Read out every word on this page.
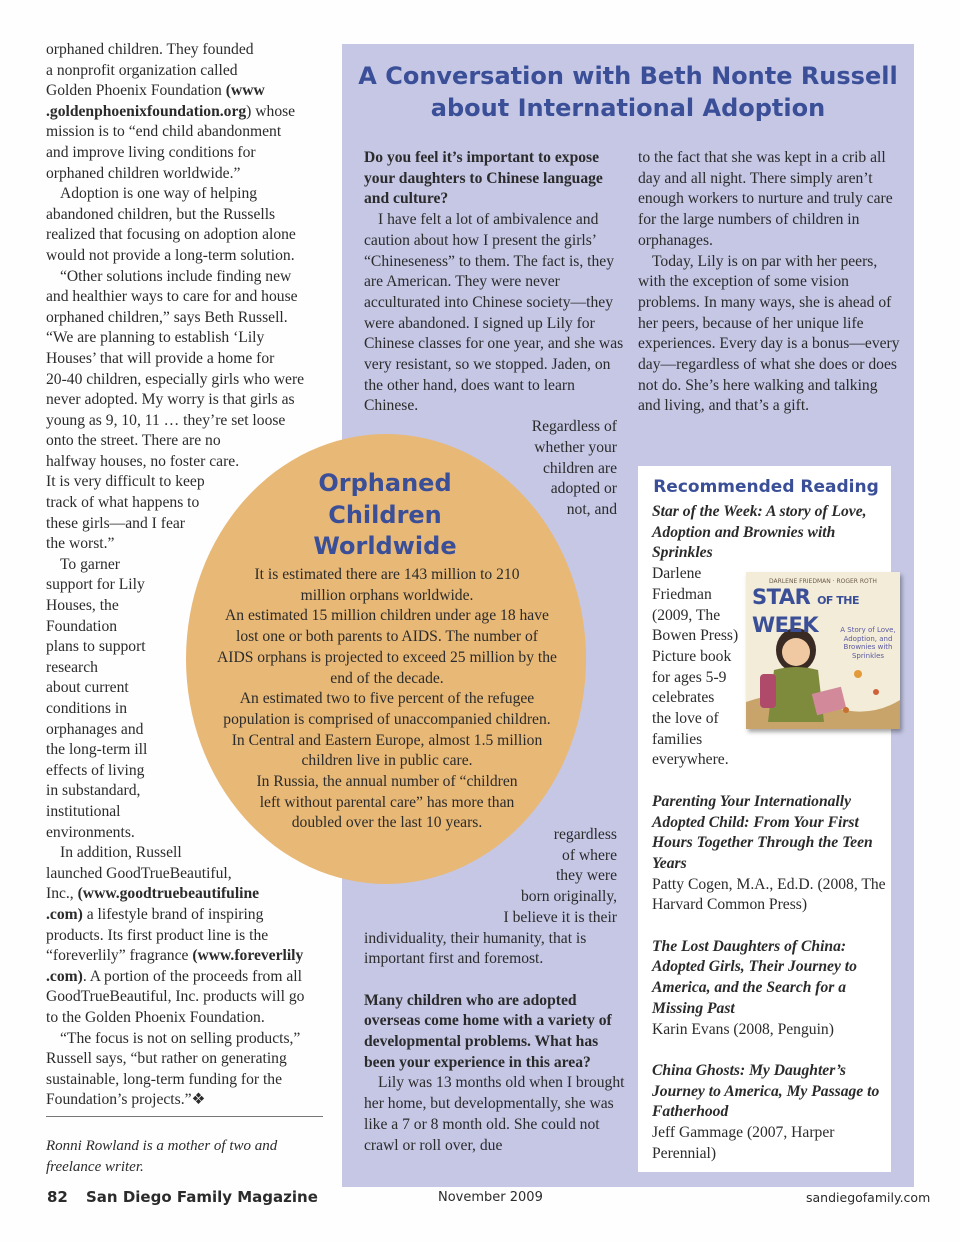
orphaned children. They founded
a nonprofit organization called
Golden Phoenix Foundation (www
.goldenphoenixfoundation.org) whose
mission is to “end child abandonment
and improve living conditions for
orphaned children worldwide.”
Adoption is one way of helping
abandoned children, but the Russells
realized that focusing on adoption alone
would not provide a long-term solution.
“Other solutions include finding new
and healthier ways to care for and house
orphaned children,” says Beth Russell.
“We are planning to establish ‘Lily
Houses’ that will provide a home for
20-40 children, especially girls who were
never adopted. My worry is that girls as
young as 9, 10, 11 … they’re set loose
onto the street. There are no
halfway houses, no foster care.
It is very difficult to keep
track of what happens to
these girls—and I fear
the worst.”
To garner
support for Lily
Houses, the
Foundation
plans to support
research
about current
conditions in
orphanages and
the long-term ill
effects of living
in substandard,
institutional
environments.
In addition, Russell
launched GoodTrueBeautiful,
Inc., (www.goodtruebeautifuline
.com) a lifestyle brand of inspiring
products. Its first product line is the
“foreverlily” fragrance (www.foreverlily
.com). A portion of the proceeds from all
GoodTrueBeautiful, Inc. products will go
to the Golden Phoenix Foundation.
“The focus is not on selling products,”
Russell says, “but rather on generating
sustainable, long-term funding for the
Foundation’s projects.”❖
Ronni Rowland is a mother of two and
freelance writer.
A Conversation with Beth Nonte Russell about International Adoption

Do you feel it’s important to expose your daughters to Chinese language and culture?

I have felt a lot of ambivalence and caution about how I present the girls’ “Chineseness” to them. The fact is, they are American. They were never acculturated into Chinese society—they were abandoned. I signed up Lily for Chinese classes for one year, and she was very resistant, so we stopped. Jaden, on the other hand, does want to learn Chinese.

Regardless of
whether your
children are
adopted or
not, and
regardless
of where
they were
born originally,
I believe it is their

individuality, their humanity, that is important first and foremost.

Many children who are adopted overseas come home with a variety of developmental problems. What has been your experience in this area?

Lily was 13 months old when I brought her home, but developmentally, she was like a 7 or 8 month old. She could not crawl or roll over, due

to the fact that she was kept in a crib all day and all night. There simply aren’t enough workers to nurture and truly care for the large numbers of children in orphanages.

Today, Lily is on par with her peers, with the exception of some vision problems. In many ways, she is ahead of her peers, because of her unique life experiences. Every day is a bonus—every day—regardless of what she does or does not do. She’s here walking and talking and living, and that’s a gift.

Orphaned Children Worldwide
It is estimated there are 143 million to 210
million orphans worldwide.
An estimated 15 million children under age 18 have
lost one or both parents to AIDS. The number of
AIDS orphans is projected to exceed 25 million by the
end of the decade.
An estimated two to five percent of the refugee
population is comprised of unaccompanied children.
In Central and Eastern Europe, almost 1.5 million
children live in public care.
In Russia, the annual number of “children
left without parental care” has more than
doubled over the last 10 years.
Recommended Reading
Star of the Week: A story of Love, Adoption and Brownies with Sprinkles
Darlene
Friedman
(2009, The
Bowen Press)
Picture book
for ages 5-9
celebrates
the love of
families
everywhere.
Parenting Your Internationally Adopted Child: From Your First Hours Together Through the Teen Years
Patty Cogen, M.A., Ed.D. (2008, The Harvard Common Press)
The Lost Daughters of China: Adopted Girls, Their Journey to America, and the Search for a Missing Past
Karin Evans (2008, Penguin)
China Ghosts: My Daughter’s Journey to America, My Passage to Fatherhood
Jeff Gammage (2007, Harper Perennial)
DARLENE FRIEDMAN · ROGER ROTH
STAR OF THE WEEK	A Story of Love, Adoption, and Brownies with Sprinkles
82 San Diego Family Magazine	November 2009	sandiegofamily.com
